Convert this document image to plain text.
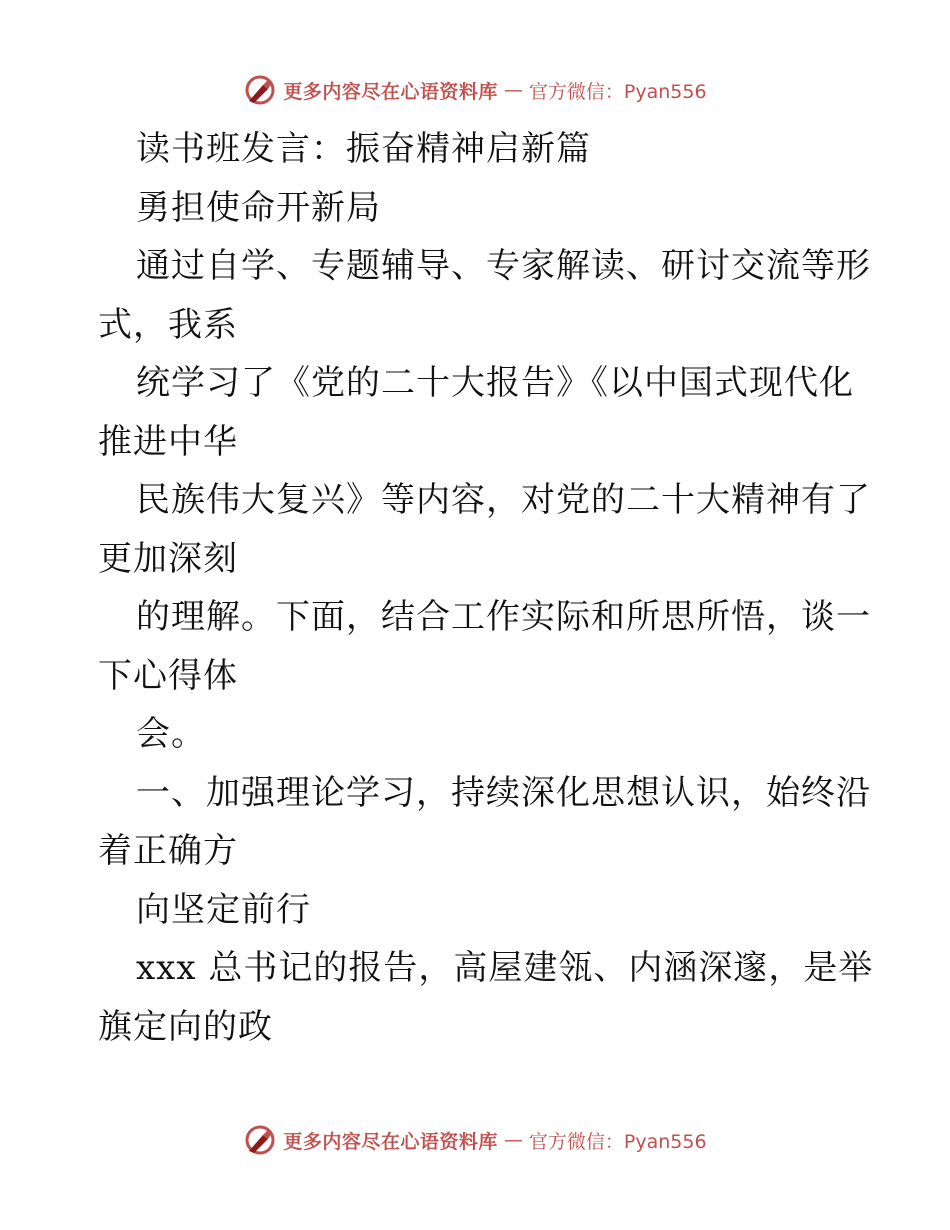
更多内容尽在心语资料库 — 官方微信：Pyan556
读书班发言：振奋精神启新篇
勇担使命开新局
通过自学、专题辅导、专家解读、研讨交流等形
式，我系
统学习了《党的二十大报告》《以中国式现代化
推进中华
民族伟大复兴》等内容，对党的二十大精神有了
更加深刻
的理解。下面，结合工作实际和所思所悟，谈一
下心得体
会。
一、加强理论学习，持续深化思想认识，始终沿
着正确方
向坚定前行
xxx 总书记的报告，高屋建瓴、内涵深邃，是举
旗定向的政
更多内容尽在心语资料库 — 官方微信：Pyan556
